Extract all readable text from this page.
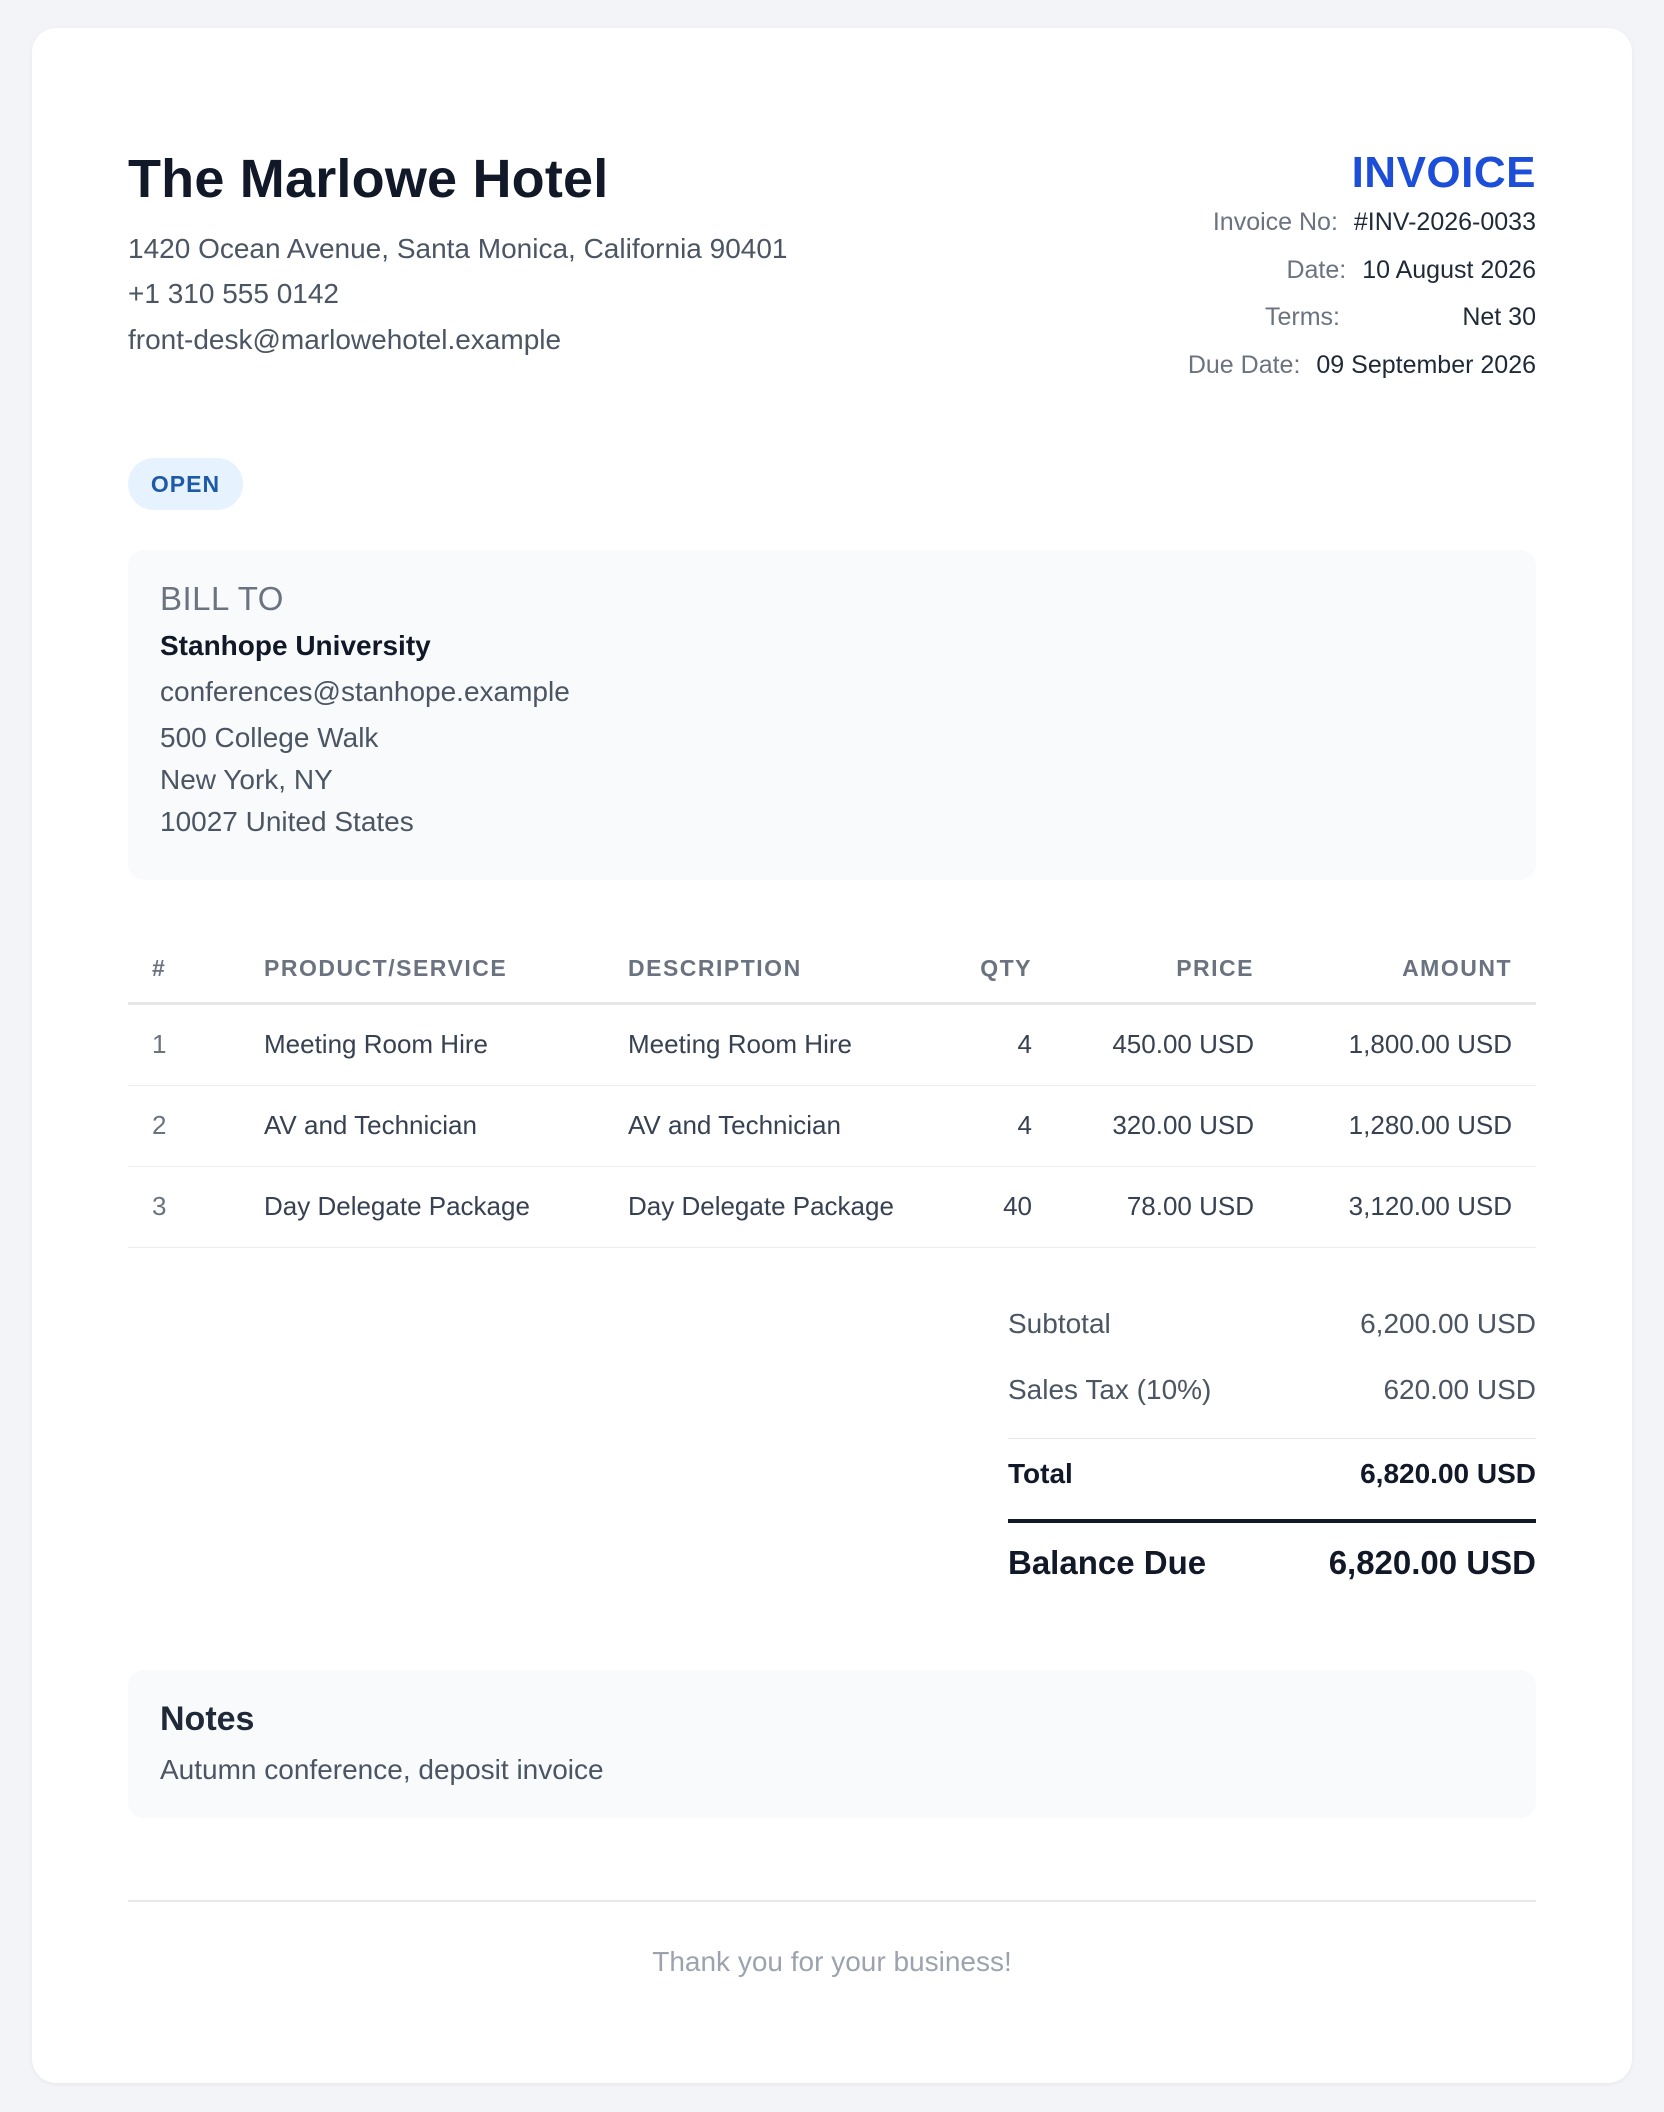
The Marlowe Hotel
1420 Ocean Avenue, Santa Monica, California 90401
+1 310 555 0142
front-desk@marlowehotel.example
INVOICE
Invoice No: #INV-2026-0033
Date: 10 August 2026
Terms:	Net 30
Due Date: 09 September 2026
OPEN
BILL TO
Stanhope University
conferences@stanhope.example
500 College Walk
New York, NY
10027 United States
#	PRODUCT/SERVICE	DESCRIPTION	QTY	PRICE	AMOUNT
1	Meeting Room Hire	Meeting Room Hire	4	450.00 USD	1,800.00 USD
2	AV and Technician	AV and Technician	4	320.00 USD	1,280.00 USD
3	Day Delegate Package	Day Delegate Package	40	78.00 USD	3,120.00 USD
Subtotal	6,200.00 USD
Sales Tax (10%)	620.00 USD
Total	6,820.00 USD
Balance Due	6,820.00 USD
Notes
Autumn conference, deposit invoice
Thank you for your business!
